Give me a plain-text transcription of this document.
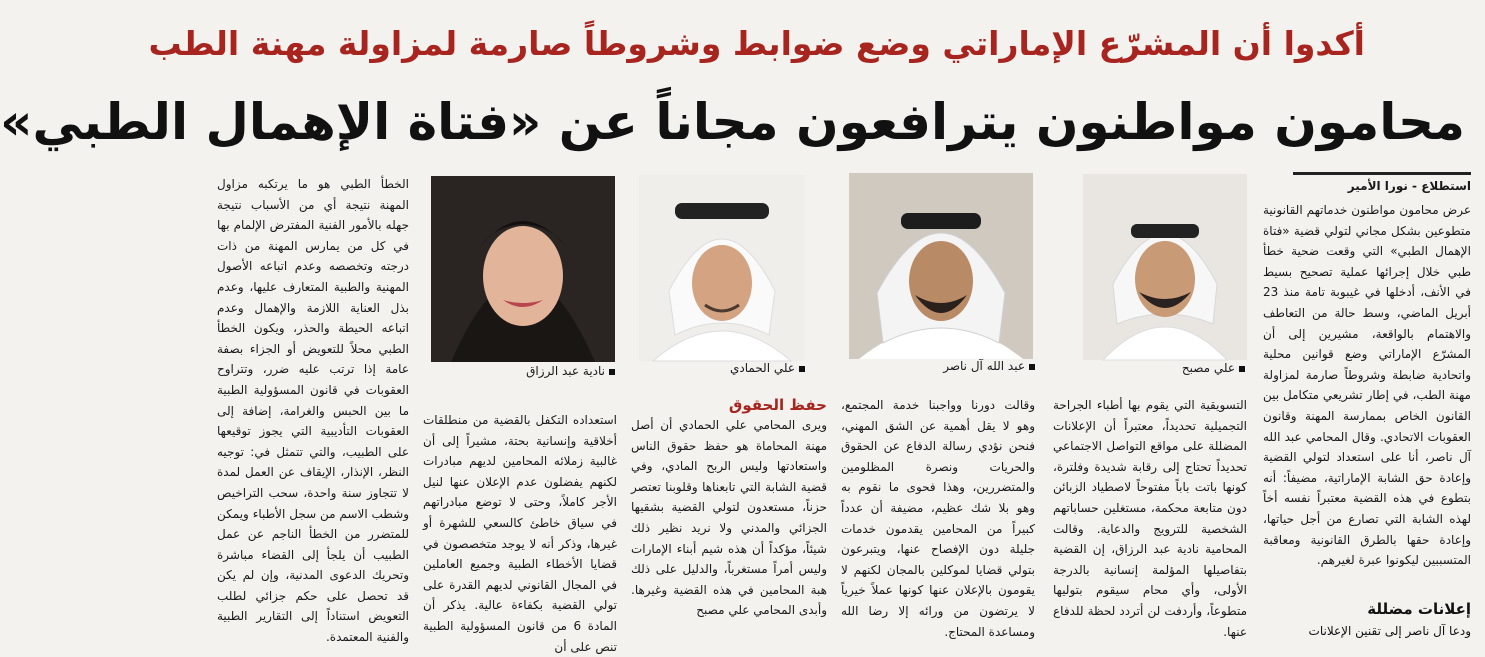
أكدوا أن المشرّع الإماراتي وضع ضوابط وشروطاً صارمة لمزاولة مهنة الطب
محامون مواطنون يترافعون مجاناً عن «فتاة الإهمال الطبي»
استطلاع - نورا الأمير
علي مصبح
عبد الله آل ناصر
علي الحمادي
نادية عبد الرزاق

عرض محامون مواطنون خدماتهم القانونية متطوعين بشكل مجاني لتولي قضية «فتاة الإهمال الطبي» التي وقعت ضحية خطأ طبي خلال إجرائها عملية تصحيح بسيط في الأنف، أدخلها في غيبوبة تامة منذ 23 أبريل الماضي، وسط حالة من التعاطف والاهتمام بالواقعة، مشيرين إلى أن المشرّع الإماراتي وضع قوانين محلية واتحادية ضابطة وشروطاً صارمة لمزاولة مهنة الطب، في إطار تشريعي متكامل بين القانون الخاص بممارسة المهنة وقانون العقوبات الاتحادي. وقال المحامي عبد الله آل ناصر، أنا على استعداد لتولي القضية وإعادة حق الشابة الإماراتية، مضيفاً: أنه بتطوع في هذه القضية معتبراً نفسه أخاً لهذه الشابة التي تصارع من أجل حياتها، وإعادة حقها بالطرق القانونية ومعاقبة المتسببين ليكونوا عبرة لغيرهم.

إعلانات مضللة
ودعا آل ناصر إلى تقنين الإعلانات

التسويقية التي يقوم بها أطباء الجراحة التجميلية تحديداً، معتبراً أن الإعلانات المضللة على مواقع التواصل الاجتماعي تحديداً تحتاج إلى رقابة شديدة وفلترة، كونها باتت باباً مفتوحاً لاصطياد الزبائن دون متابعة محكمة، مستغلين حساباتهم الشخصية للترويج والدعاية. وقالت المحامية نادية عبد الرزاق، إن القضية بتفاصيلها المؤلمة إنسانية بالدرجة الأولى، وأي محام سيقوم بتوليها متطوعاً، وأردفت لن أتردد لحظة للدفاع عنها.

وقالت دورنا وواجبنا خدمة المجتمع، وهو لا يقل أهمية عن الشق المهني، فنحن نؤدي رسالة الدفاع عن الحقوق والحريات ونصرة المظلومين والمتضررين، وهذا فحوى ما نقوم به وهو بلا شك عظيم، مضيفة أن عدداً كبيراً من المحامين يقدمون خدمات جليلة دون الإفصاح عنها، ويتبرعون بتولي قضايا لموكلين بالمجان لكنهم لا يقومون بالإعلان عنها كونها عملاً خيرياً لا يرتضون من ورائه إلا رضا الله ومساعدة المحتاج.

حفظ الحقوق

ويرى المحامي علي الحمادي أن أصل مهنة المحاماة هو حفظ حقوق الناس واستعادتها وليس الربح المادي، وفي قضية الشابة التي تابعناها وقلوبنا تعتصر حزناً، مستعدون لتولي القضية بشقيها الجزائي والمدني ولا نريد نظير ذلك شيئاً، مؤكداً أن هذه شيم أبناء الإمارات وليس أمراً مستغرباً، والدليل على ذلك هبة المحامين في هذه القضية وغيرها. وأبدى المحامي علي مصبح

استعداده التكفل بالقضية من منطلقات أخلاقية وإنسانية بحتة، مشيراً إلى أن غالبية زملائه المحامين لديهم مبادرات لكنهم يفضلون عدم الإعلان عنها لنيل الأجر كاملاً، وحتى لا توضع مبادراتهم في سياق خاطئ كالسعي للشهرة أو غيرها، وذكر أنه لا يوجد متخصصون في قضايا الأخطاء الطبية وجميع العاملين في المجال القانوني لديهم القدرة على تولي القضية بكفاءة عالية. يذكر أن المادة 6 من قانون المسؤولية الطبية تنص على أن

الخطأ الطبي هو ما يرتكبه مزاول المهنة نتيجة أي من الأسباب نتيجة جهله بالأمور الفنية المفترض الإلمام بها في كل من يمارس المهنة من ذات درجته وتخصصه وعدم اتباعه الأصول المهنية والطبية المتعارف عليها، وعدم بذل العناية اللازمة والإهمال وعدم اتباعه الحيطة والحذر، ويكون الخطأ الطبي محلاً للتعويض أو الجزاء بصفة عامة إذا ترتب عليه ضرر، وتتراوح العقوبات في قانون المسؤولية الطبية ما بين الحبس والغرامة، إضافة إلى العقوبات التأديبية التي يجوز توقيعها على الطبيب، والتي تتمثل في: توجيه النظر، الإنذار، الإيقاف عن العمل لمدة لا تتجاوز سنة واحدة، سحب التراخيص وشطب الاسم من سجل الأطباء ويمكن للمتضرر من الخطأ الناجم عن عمل الطبيب أن يلجأ إلى القضاء مباشرة وتحريك الدعوى المدنية، وإن لم يكن قد تحصل على حكم جزائي لطلب التعويض استناداً إلى التقارير الطبية والفنية المعتمدة.
